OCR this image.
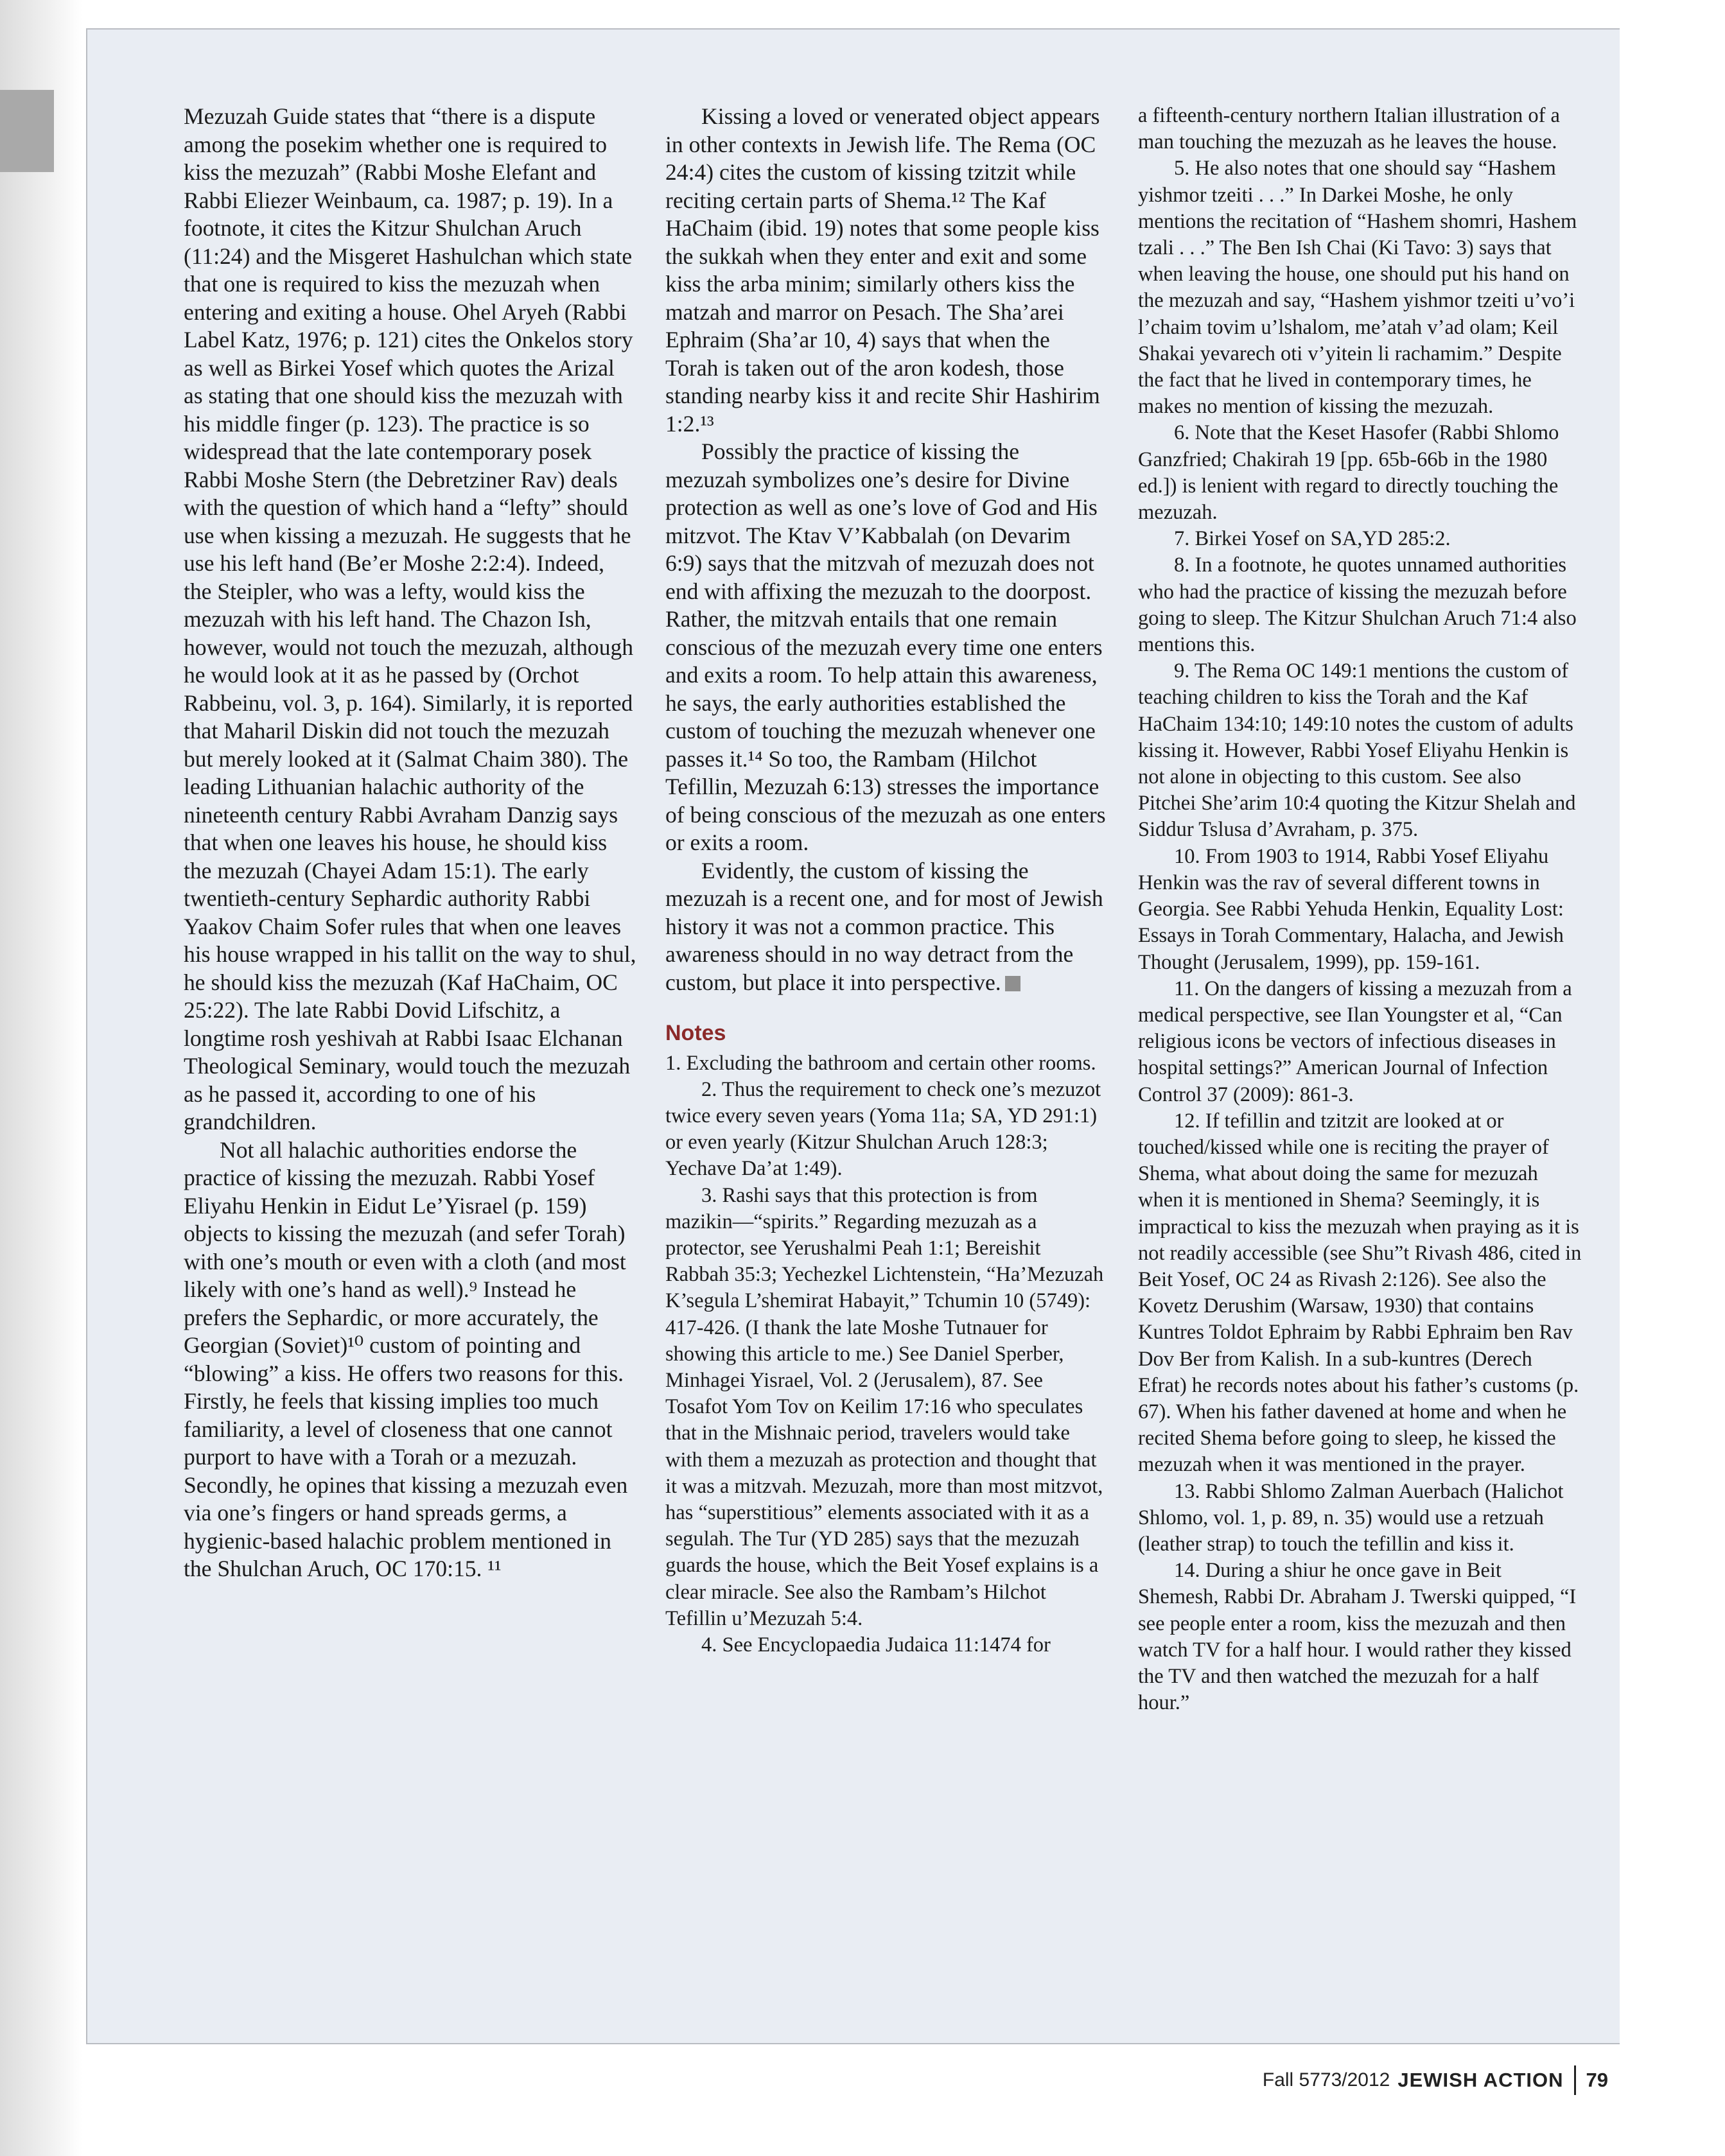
Mezuzah Guide states that “there is a dispute among the posekim whether one is required to kiss the mezuzah” (Rabbi Moshe Elefant and Rabbi Eliezer Weinbaum, ca. 1987; p. 19). In a footnote, it cites the Kitzur Shulchan Aruch (11:24) and the Misgeret Hashulchan which state that one is required to kiss the mezuzah when entering and exiting a house. Ohel Aryeh (Rabbi Label Katz, 1976; p. 121) cites the Onkelos story as well as Birkei Yosef which quotes the Arizal as stating that one should kiss the mezuzah with his middle finger (p. 123). The practice is so widespread that the late contemporary posek Rabbi Moshe Stern (the Debretziner Rav) deals with the question of which hand a “lefty” should use when kissing a mezuzah. He suggests that he use his left hand (Be’er Moshe 2:2:4). Indeed, the Steipler, who was a lefty, would kiss the mezuzah with his left hand. The Chazon Ish, however, would not touch the mezuzah, although he would look at it as he passed by (Orchot Rabbeinu, vol. 3, p. 164). Similarly, it is reported that Maharil Diskin did not touch the mezuzah but merely looked at it (Salmat Chaim 380). The leading Lithuanian halachic authority of the nineteenth century Rabbi Avraham Danzig says that when one leaves his house, he should kiss the mezuzah (Chayei Adam 15:1). The early twentieth-century Sephardic authority Rabbi Yaakov Chaim Sofer rules that when one leaves his house wrapped in his tallit on the way to shul, he should kiss the mezuzah (Kaf HaChaim, OC 25:22). The late Rabbi Dovid Lifschitz, a longtime rosh yeshivah at Rabbi Isaac Elchanan Theological Seminary, would touch the mezuzah as he passed it, according to one of his grandchildren.

Not all halachic authorities endorse the practice of kissing the mezuzah. Rabbi Yosef Eliyahu Henkin in Eidut Le’Yisrael (p. 159) objects to kissing the mezuzah (and sefer Torah) with one’s mouth or even with a cloth (and most likely with one’s hand as well).⁹ Instead he prefers the Sephardic, or more accurately, the Georgian (Soviet)¹⁰ custom of pointing and “blowing” a kiss. He offers two reasons for this. Firstly, he feels that kissing implies too much familiarity, a level of closeness that one cannot purport to have with a Torah or a mezuzah. Secondly, he opines that kissing a mezuzah even via one’s fingers or hand spreads germs, a hygienic-based halachic problem mentioned in the Shulchan Aruch, OC 170:15. ¹¹

Kissing a loved or venerated object appears in other contexts in Jewish life. The Rema (OC 24:4) cites the custom of kissing tzitzit while reciting certain parts of Shema.¹² The Kaf HaChaim (ibid. 19) notes that some people kiss the sukkah when they enter and exit and some kiss the arba minim; similarly others kiss the matzah and marror on Pesach. The Sha’arei Ephraim (Sha’ar 10, 4) says that when the Torah is taken out of the aron kodesh, those standing nearby kiss it and recite Shir Hashirim 1:2.¹³

Possibly the practice of kissing the mezuzah symbolizes one’s desire for Divine protection as well as one’s love of God and His mitzvot. The Ktav V’Kabbalah (on Devarim 6:9) says that the mitzvah of mezuzah does not end with affixing the mezuzah to the doorpost. Rather, the mitzvah entails that one remain conscious of the mezuzah every time one enters and exits a room. To help attain this awareness, he says, the early authorities established the custom of touching the mezuzah whenever one passes it.¹⁴ So too, the Rambam (Hilchot Tefillin, Mezuzah 6:13) stresses the importance of being conscious of the mezuzah as one enters or exits a room.

Evidently, the custom of kissing the mezuzah is a recent one, and for most of Jewish history it was not a common practice. This awareness should in no way detract from the custom, but place it into perspective.

Notes

1. Excluding the bathroom and certain other rooms.

2. Thus the requirement to check one’s mezuzot twice every seven years (Yoma 11a; SA, YD 291:1) or even yearly (Kitzur Shulchan Aruch 128:3; Yechave Da’at 1:49).

3. Rashi says that this protection is from mazikin—“spirits.” Regarding mezuzah as a protector, see Yerushalmi Peah 1:1; Bereishit Rabbah 35:3; Yechezkel Lichtenstein, “Ha’Mezuzah K’segula L’shemirat Habayit,” Tchumin 10 (5749): 417-426. (I thank the late Moshe Tutnauer for showing this article to me.) See Daniel Sperber, Minhagei Yisrael, Vol. 2 (Jerusalem), 87. See Tosafot Yom Tov on Keilim 17:16 who speculates that in the Mishnaic period, travelers would take with them a mezuzah as protection and thought that it was a mitzvah. Mezuzah, more than most mitzvot, has “superstitious” elements associated with it as a segulah. The Tur (YD 285) says that the mezuzah guards the house, which the Beit Yosef explains is a clear miracle. See also the Rambam’s Hilchot Tefillin u’Mezuzah 5:4.

4. See Encyclopaedia Judaica 11:1474 for

a fifteenth-century northern Italian illustration of a man touching the mezuzah as he leaves the house.

5. He also notes that one should say “Hashem yishmor tzeiti . . .” In Darkei Moshe, he only mentions the recitation of “Hashem shomri, Hashem tzali . . .” The Ben Ish Chai (Ki Tavo: 3) says that when leaving the house, one should put his hand on the mezuzah and say, “Hashem yishmor tzeiti u’vo’i l’chaim tovim u’lshalom, me’atah v’ad olam; Keil Shakai yevarech oti v’yitein li rachamim.” Despite the fact that he lived in contemporary times, he makes no mention of kissing the mezuzah.

6. Note that the Keset Hasofer (Rabbi Shlomo Ganzfried; Chakirah 19 [pp. 65b-66b in the 1980 ed.]) is lenient with regard to directly touching the mezuzah.

7. Birkei Yosef on SA,YD 285:2.

8. In a footnote, he quotes unnamed authorities who had the practice of kissing the mezuzah before going to sleep. The Kitzur Shulchan Aruch 71:4 also mentions this.

9. The Rema OC 149:1 mentions the custom of teaching children to kiss the Torah and the Kaf HaChaim 134:10; 149:10 notes the custom of adults kissing it. However, Rabbi Yosef Eliyahu Henkin is not alone in objecting to this custom. See also Pitchei She’arim 10:4 quoting the Kitzur Shelah and Siddur Tslusa d’Avraham, p. 375.

10. From 1903 to 1914, Rabbi Yosef Eliyahu Henkin was the rav of several different towns in Georgia. See Rabbi Yehuda Henkin, Equality Lost: Essays in Torah Commentary, Halacha, and Jewish Thought (Jerusalem, 1999), pp. 159-161.

11. On the dangers of kissing a mezuzah from a medical perspective, see Ilan Youngster et al, “Can religious icons be vectors of infectious diseases in hospital settings?” American Journal of Infection Control 37 (2009): 861-3.

12. If tefillin and tzitzit are looked at or touched/kissed while one is reciting the prayer of Shema, what about doing the same for mezuzah when it is mentioned in Shema? Seemingly, it is impractical to kiss the mezuzah when praying as it is not readily accessible (see Shu”t Rivash 486, cited in Beit Yosef, OC 24 as Rivash 2:126). See also the Kovetz Derushim (Warsaw, 1930) that contains Kuntres Toldot Ephraim by Rabbi Ephraim ben Rav Dov Ber from Kalish. In a sub-kuntres (Derech Efrat) he records notes about his father’s customs (p. 67). When his father davened at home and when he recited Shema before going to sleep, he kissed the mezuzah when it was mentioned in the prayer.

13. Rabbi Shlomo Zalman Auerbach (Halichot Shlomo, vol. 1, p. 89, n. 35) would use a retzuah (leather strap) to touch the tefillin and kiss it.

14. During a shiur he once gave in Beit Shemesh, Rabbi Dr. Abraham J. Twerski quipped, “I see people enter a room, kiss the mezuzah and then watch TV for a half hour. I would rather they kissed the TV and then watched the mezuzah for a half hour.”

Fall 5773/2012 JEWISH ACTION 79
